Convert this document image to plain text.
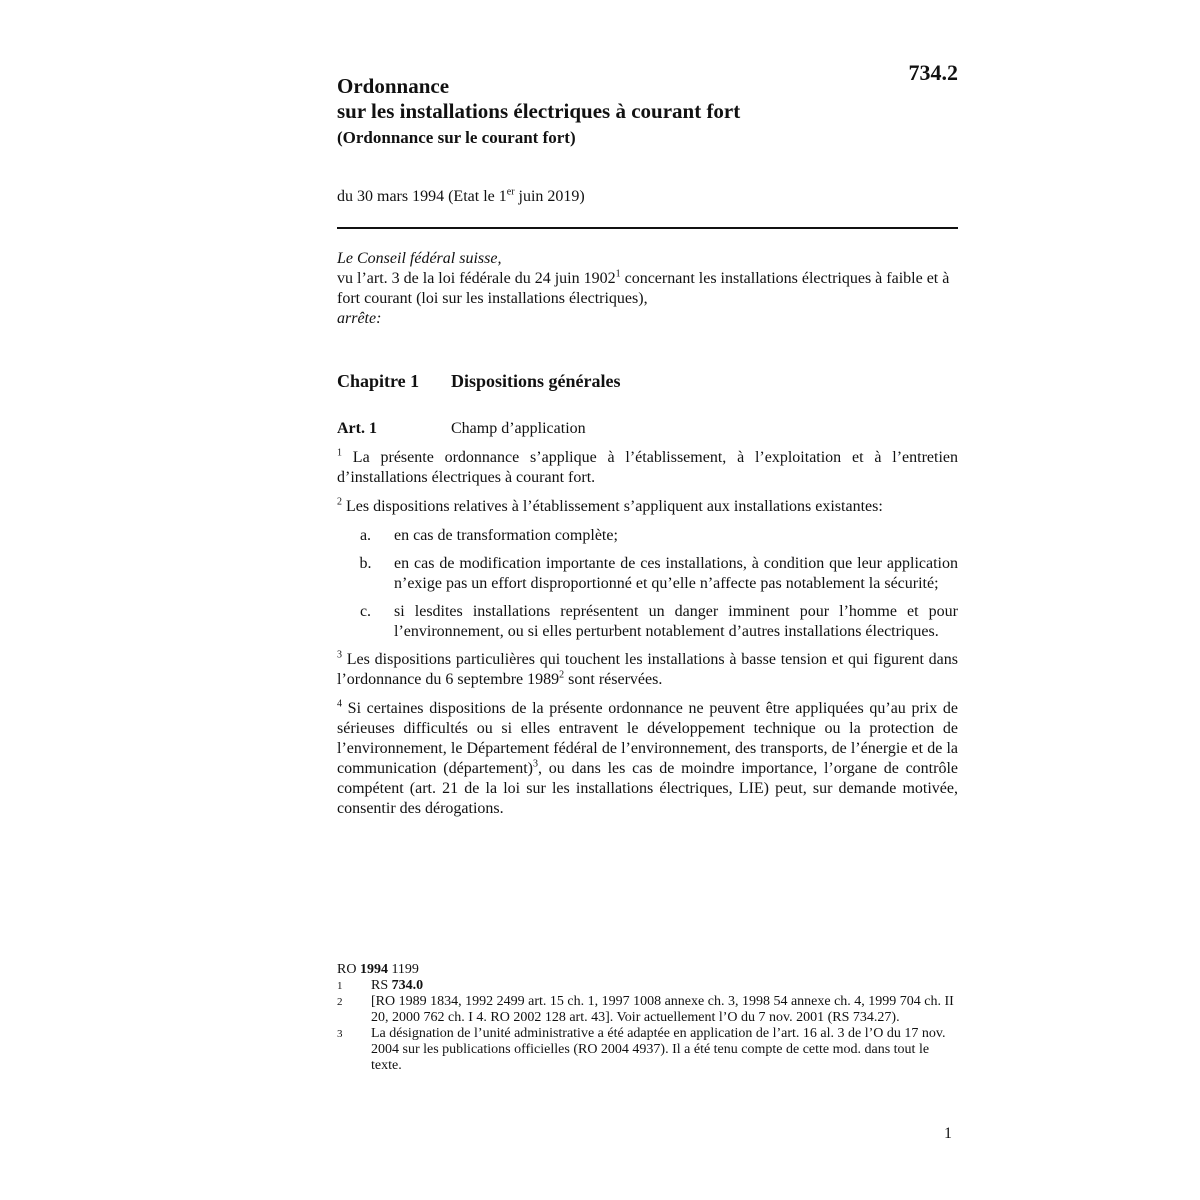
734.2
Ordonnance
sur les installations électriques à courant fort
(Ordonnance sur le courant fort)
du 30 mars 1994 (Etat le 1er juin 2019)
Le Conseil fédéral suisse,
vu l’art. 3 de la loi fédérale du 24 juin 1902$^1$ concernant les installations électriques à faible et à fort courant (loi sur les installations électriques),
arrête:
Chapitre 1 Dispositions générales
Art. 1	Champ d’application

$^1$ La présente ordonnance s’applique à l’établissement, à l’exploitation et à l’entretien d’installations électriques à courant fort.

$^2$ Les dispositions relatives à l’établissement s’appliquent aux installations existantes:

a.	en cas de transformation complète;
b.	en cas de modification importante de ces installations, à condition que leur application n’exige pas un effort disproportionné et qu’elle n’affecte pas notablement la sécurité;
c.	si lesdites installations représentent un danger imminent pour l’homme et pour l’environnement, ou si elles perturbent notablement d’autres installations électriques.

$^3$ Les dispositions particulières qui touchent les installations à basse tension et qui figurent dans l’ordonnance du 6 septembre 1989$^2$ sont réservées.

$^4$ Si certaines dispositions de la présente ordonnance ne peuvent être appliquées qu’au prix de sérieuses difficultés ou si elles entravent le développement technique ou la protection de l’environnement, le Département fédéral de l’environnement, des transports, de l’énergie et de la communication (département)$^3$, ou dans les cas de moindre importance, l’organe de contrôle compétent (art. 21 de la loi sur les installations électriques, LIE) peut, sur demande motivée, consentir des dérogations.

RO 1994 1199
1	RS 734.0
2	[RO 1989 1834, 1992 2499 art. 15 ch. 1, 1997 1008 annexe ch. 3, 1998 54 annexe ch. 4, 1999 704 ch. II 20, 2000 762 ch. I 4. RO 2002 128 art. 43]. Voir actuellement l’O du 7 nov. 2001 (RS 734.27).
3	La désignation de l’unité administrative a été adaptée en application de l’art. 16 al. 3 de l’O du 17 nov. 2004 sur les publications officielles (RO 2004 4937). Il a été tenu compte de cette mod. dans tout le texte.
1
